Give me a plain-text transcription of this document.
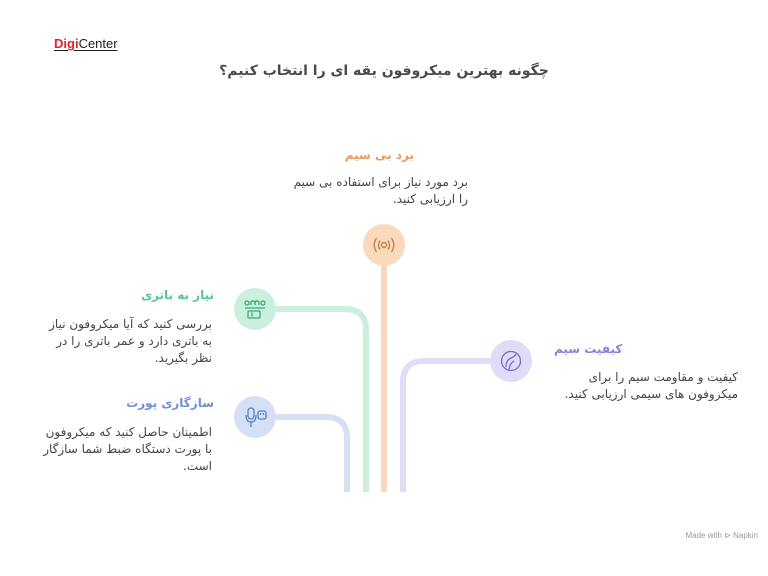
DigiCenter
چگونه بهترین میکروفون یقه ای را انتخاب کنیم؟
برد بی سیم
برد مورد نیاز برای استفاده بی سیم
را ارزیابی کنید.
نیاز به باتری
بررسی کنید که آیا میکروفون نیاز
به باتری دارد و عمر باتری را در
نظر بگیرید.
سازگاری پورت
اطمینان حاصل کنید که میکروفون
با پورت دستگاه ضبط شما سازگار
است.
کیفیت سیم
کیفیت و مقاومت سیم را برای
میکروفون های سیمی ارزیابی کنید.
Made with ⊳ Napkin
